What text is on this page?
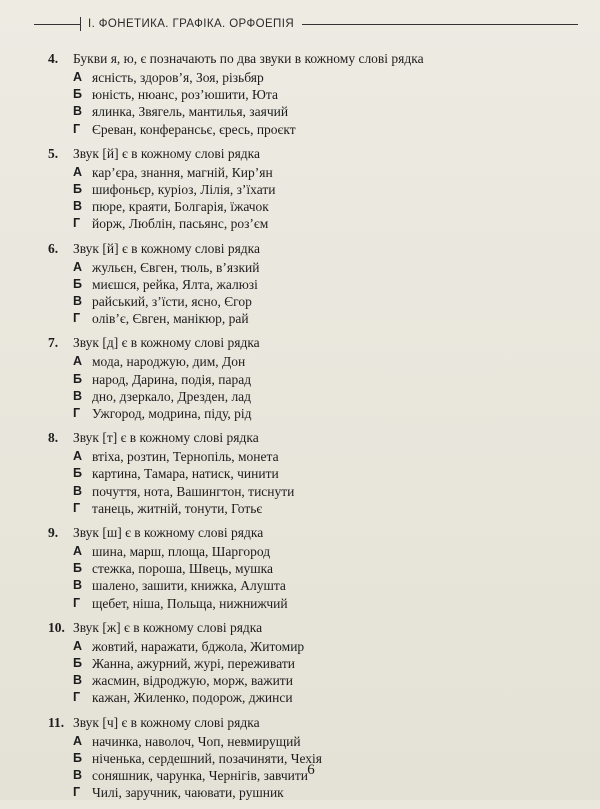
І. ФОНЕТИКА. ГРАФІКА. ОРФОЕПІЯ
4.	Букви я, ю, є позначають по два звуки в кожному слові рядка
А ясність, здоров’я, Зоя, різьбяр
Б юність, нюанс, роз’юшити, Юта
В ялинка, Звягель, мантилья, заячий
Г Єреван, конферансьє, єресь, проєкт
5.	Звук [й] є в кожному слові рядка
А кар’єра, знання, магній, Кир’ян
Б шифоньєр, куріоз, Лілія, з’їхати
В пюре, краяти, Болгарія, їжачок
Г йорж, Люблін, пасьянс, роз’єм
6.	Звук [й] є в кожному слові рядка
А жульєн, Євген, тюль, в’язкий
Б миєшся, рейка, Ялта, жалюзі
В райський, з’їсти, ясно, Єгор
Г олів’є, Євген, манікюр, рай
7.	Звук [д] є в кожному слові рядка
А мода, народжую, дим, Дон
Б народ, Дарина, подія, парад
В дно, дзеркало, Дрезден, лад
Г Ужгород, модрина, піду, рід
8.	Звук [т] є в кожному слові рядка
А втіха, розтин, Тернопіль, монета
Б картина, Тамара, натиск, чинити
В почуття, нота, Вашингтон, тиснути
Г танець, житній, тонути, Готьє
9.	Звук [ш] є в кожному слові рядка
А шина, марш, площа, Шаргород
Б стежка, пороша, Швець, мушка
В шалено, зашити, книжка, Алушта
Г щебет, ніша, Польща, нижнижчий
10. Звук [ж] є в кожному слові рядка
А жовтий, наражати, бджола, Житомир
Б Жанна, ажурний, журі, переживати
В жасмин, відроджую, морж, важити
Г кажан, Жиленко, подорож, джинси
11. Звук [ч] є в кожному слові рядка
А начинка, наволоч, Чоп, невмирущий
Б ніченька, сердешний, позачиняти, Чехія
В соняшник, чарунка, Чернігів, завчити
Г Чилі, заручник, чаювати, рушник
6
